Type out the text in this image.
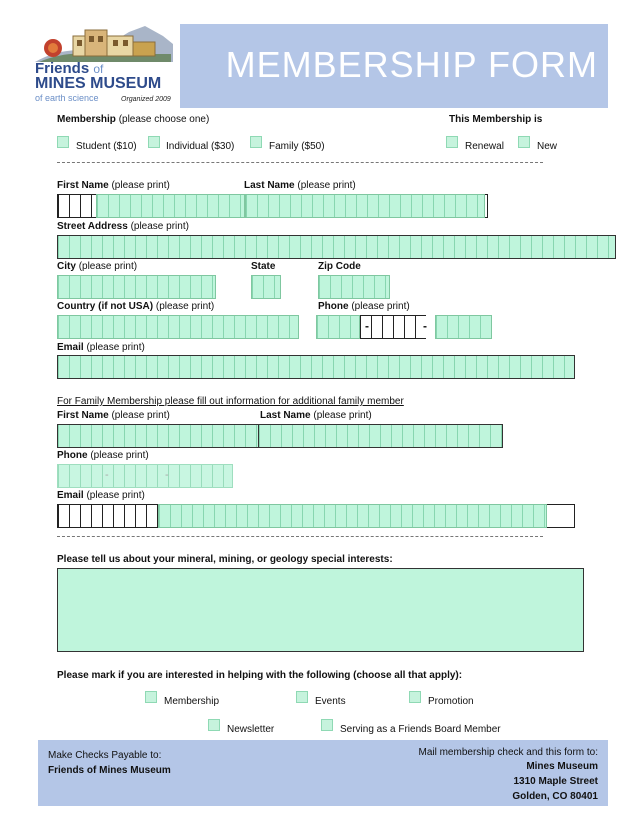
Friends of
MINES MUSEUM
of earth science	Organized 2009
MEMBERSHIP FORM
Membership (please choose one)	This Membership is
Student ($10)	Individual ($30)	Family ($50)	Renewal	New
First Name (please print)	Last Name (please print)
Street Address (please print)
City (please print)	State	Zip Code
Country (if not USA) (please print)	Phone (please print)
-	-
Email (please print)
For Family Membership please fill out information for additional family member
First Name (please print)	Last Name (please print)
Phone (please print)
-	-
Email (please print)
Please tell us about your mineral, mining, or geology special interests:
Please mark if you are interested in helping with the following (choose all that apply):
Membership	Events	Promotion
Newsletter	Serving as a Friends Board Member
Make Checks Payable to:
Friends of Mines Museum
Mail membership check and this form to:
Mines Museum
1310 Maple Street
Golden, CO 80401
